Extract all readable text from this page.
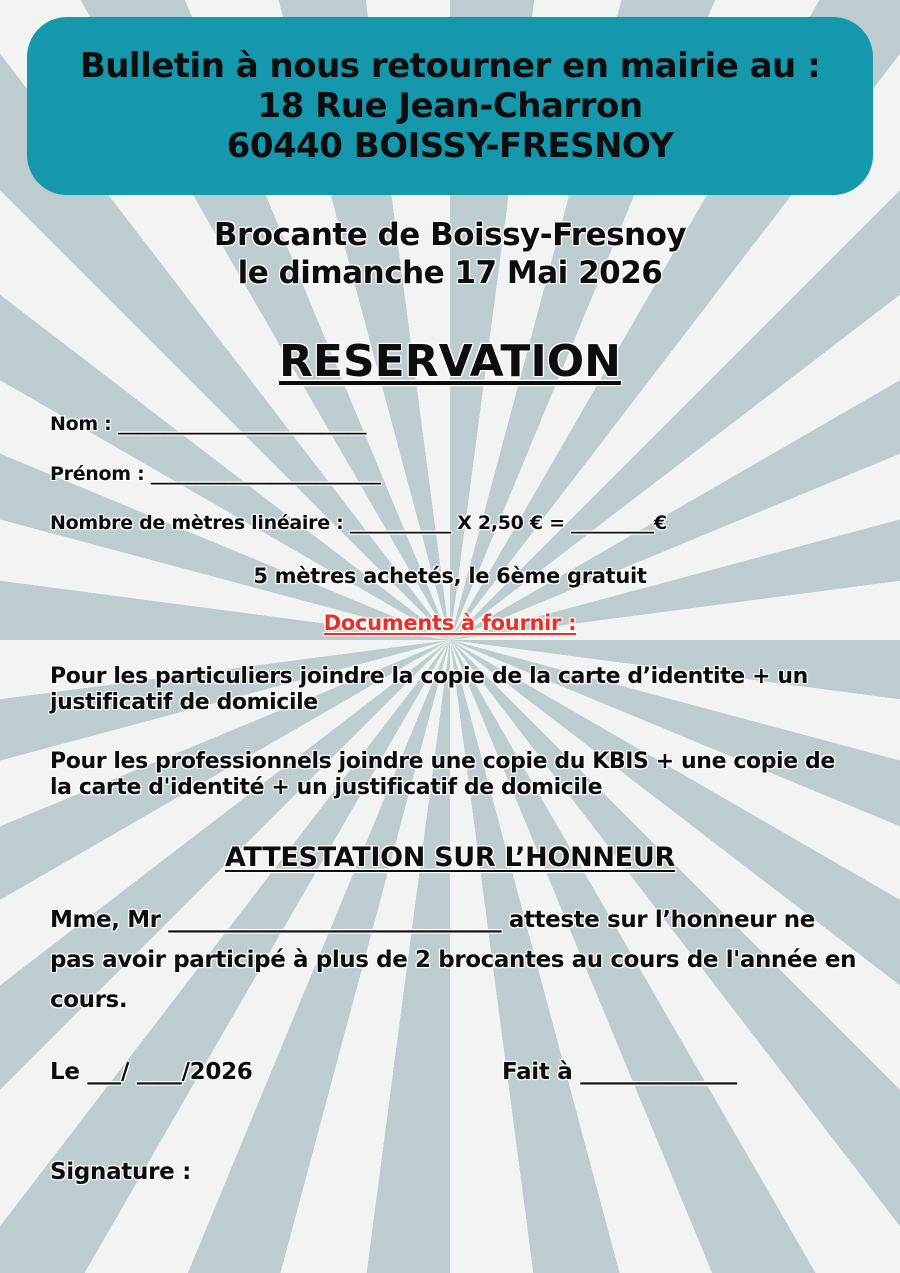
Bulletin à nous retourner en mairie au :
18 Rue Jean-Charron
60440 BOISSY-FRESNOY
Brocante de Boissy-Fresnoy
le dimanche 17 Mai 2026
RESERVATION
Nom : ___________________________
Prénom : _________________________
Nombre de mètres linéaire : ___________ X 2,50 € = _________€
5 mètres achetés, le 6ème gratuit
Documents à fournir :
Pour les particuliers joindre la copie de la carte d’identite + un justificatif de domicile
Pour les professionnels joindre une copie du KBIS + une copie de la carte d'identité + un justificatif de domicile
ATTESTATION SUR L’HONNEUR
Mme, Mr ______________________________ atteste sur l’honneur ne pas avoir participé à plus de 2 brocantes au cours de l'année en cours.
Le ___/ ____/2026	Fait à ______________
Signature :
